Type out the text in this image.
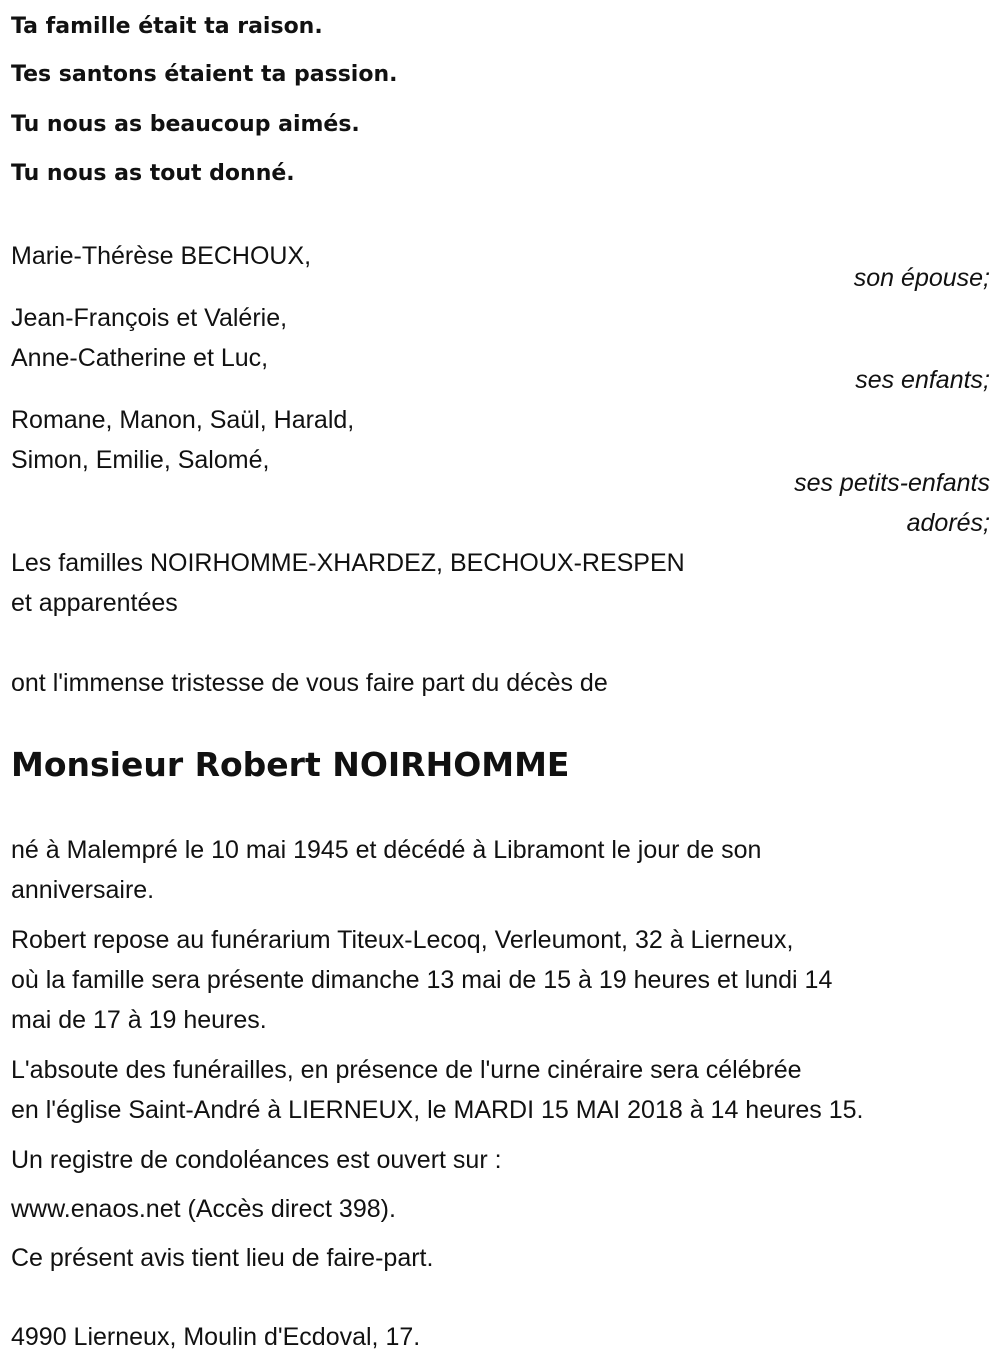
Ta famille était ta raison.
Tes santons étaient ta passion.
Tu nous as beaucoup aimés.
Tu nous as tout donné.
Marie-Thérèse BECHOUX,
son épouse;
Jean-François et Valérie,
Anne-Catherine et Luc,
ses enfants;
Romane, Manon, Saül, Harald,
Simon, Emilie, Salomé,
ses petits-enfants
adorés;
Les familles NOIRHOMME-XHARDEZ, BECHOUX-RESPEN
et apparentées
ont l'immense tristesse de vous faire part du décès de
Monsieur Robert NOIRHOMME
né à Malempré le 10 mai 1945 et décédé à Libramont le jour de son
anniversaire.
Robert repose au funérarium Titeux-Lecoq, Verleumont, 32 à Lierneux,
où la famille sera présente dimanche 13 mai de 15 à 19 heures et lundi 14
mai de 17 à 19 heures.
L'absoute des funérailles, en présence de l'urne cinéraire sera célébrée
en l'église Saint-André à LIERNEUX, le MARDI 15 MAI 2018 à 14 heures 15.
Un registre de condoléances est ouvert sur :
www.enaos.net (Accès direct 398).
Ce présent avis tient lieu de faire-part.
4990 Lierneux, Moulin d'Ecdoval, 17.
